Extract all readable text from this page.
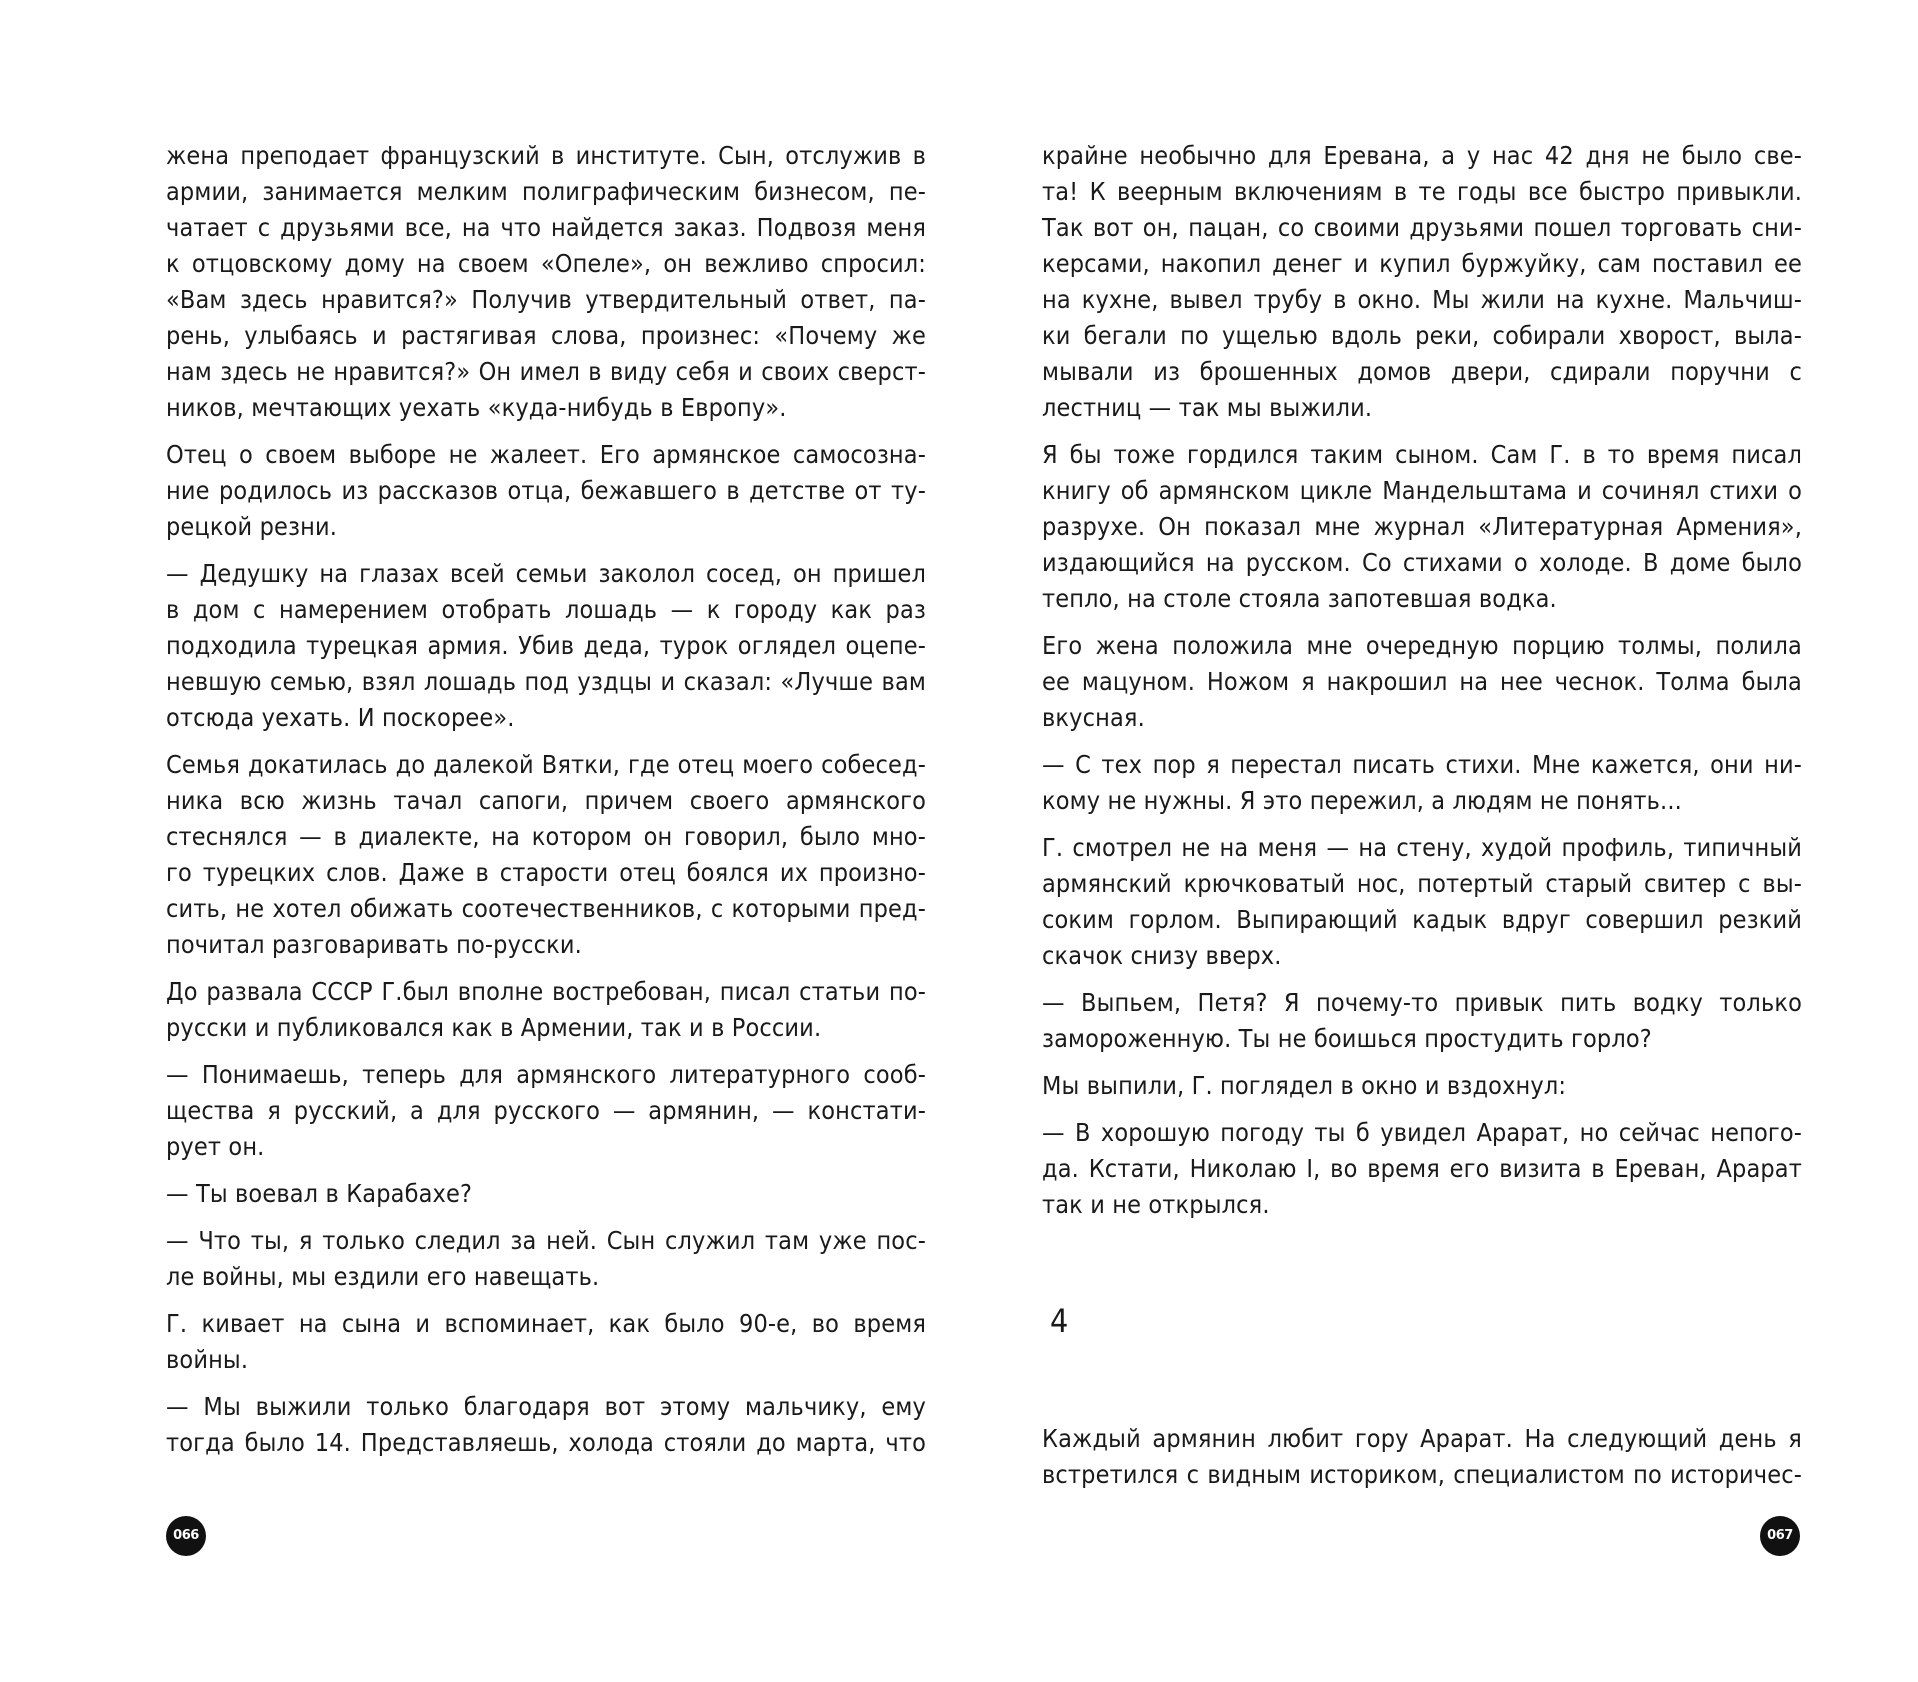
жена преподает французский в институте. Сын, отслужив в
армии, занимается мелким полиграфическим бизнесом, пе-
чатает с друзьями все, на что найдется заказ. Подвозя меня
к отцовскому дому на своем «Опеле», он вежливо спросил:
«Вам здесь нравится?» Получив утвердительный ответ, па-
рень, улыбаясь и растягивая слова, произнес: «Почему же
нам здесь не нравится?» Он имел в виду себя и своих сверст-
ников, мечтающих уехать «куда-нибудь в Европу».

Отец о своем выборе не жалеет. Его армянское самосозна-
ние родилось из рассказов отца, бежавшего в детстве от ту-
рецкой резни.

— Дедушку на глазах всей семьи заколол сосед, он пришел
в дом с намерением отобрать лошадь — к городу как раз
подходила турецкая армия. Убив деда, турок оглядел оцепе-
невшую семью, взял лошадь под уздцы и сказал: «Лучше вам
отсюда уехать. И поскорее».

Семья докатилась до далекой Вятки, где отец моего собесед-
ника всю жизнь тачал сапоги, причем своего армянского
стеснялся — в диалекте, на котором он говорил, было мно-
го турецких слов. Даже в старости отец боялся их произно-
сить, не хотел обижать соотечественников, с которыми пред-
почитал разговаривать по-русски.

До развала СССР Г.был вполне востребован, писал статьи по-
русски и публиковался как в Армении, так и в России.

— Понимаешь, теперь для армянского литературного сооб-
щества я русский, а для русского — армянин, — констати-
рует он.

— Ты воевал в Карабахе?

— Что ты, я только следил за ней. Сын служил там уже пос-
ле войны, мы ездили его навещать.

Г. кивает на сына и вспоминает, как было 90-е, во время
войны.

— Мы выжили только благодаря вот этому мальчику, ему
тогда было 14. Представляешь, холода стояли до марта, что

крайне необычно для Еревана, а у нас 42 дня не было све-
та! К веерным включениям в те годы все быстро привыкли.
Так вот он, пацан, со своими друзьями пошел торговать сни-
керсами, накопил денег и купил буржуйку, сам поставил ее
на кухне, вывел трубу в окно. Мы жили на кухне. Мальчиш-
ки бегали по ущелью вдоль реки, собирали хворост, выла-
мывали из брошенных домов двери, сдирали поручни с
лестниц — так мы выжили.

Я бы тоже гордился таким сыном. Сам Г. в то время писал
книгу об армянском цикле Мандельштама и сочинял стихи о
разрухе. Он показал мне журнал «Литературная Армения»,
издающийся на русском. Со стихами о холоде. В доме было
тепло, на столе стояла запотевшая водка.

Его жена положила мне очередную порцию толмы, полила
ее мацуном. Ножом я накрошил на нее чеснок. Толма была
вкусная.

— С тех пор я перестал писать стихи. Мне кажется, они ни-
кому не нужны. Я это пережил, а людям не понять...

Г. смотрел не на меня — на стену, худой профиль, типичный
армянский крючковатый нос, потертый старый свитер с вы-
соким горлом. Выпирающий кадык вдруг совершил резкий
скачок снизу вверх.

— Выпьем, Петя? Я почему-то привык пить водку только
замороженную. Ты не боишься простудить горло?

Мы выпили, Г. поглядел в окно и вздохнул:

— В хорошую погоду ты б увидел Арарат, но сейчас непого-
да. Кстати, Николаю I, во время его визита в Ереван, Арарат
так и не открылся.

4

Каждый армянин любит гору Арарат. На следующий день я
встретился с видным историком, специалистом по историчес-

066	067
